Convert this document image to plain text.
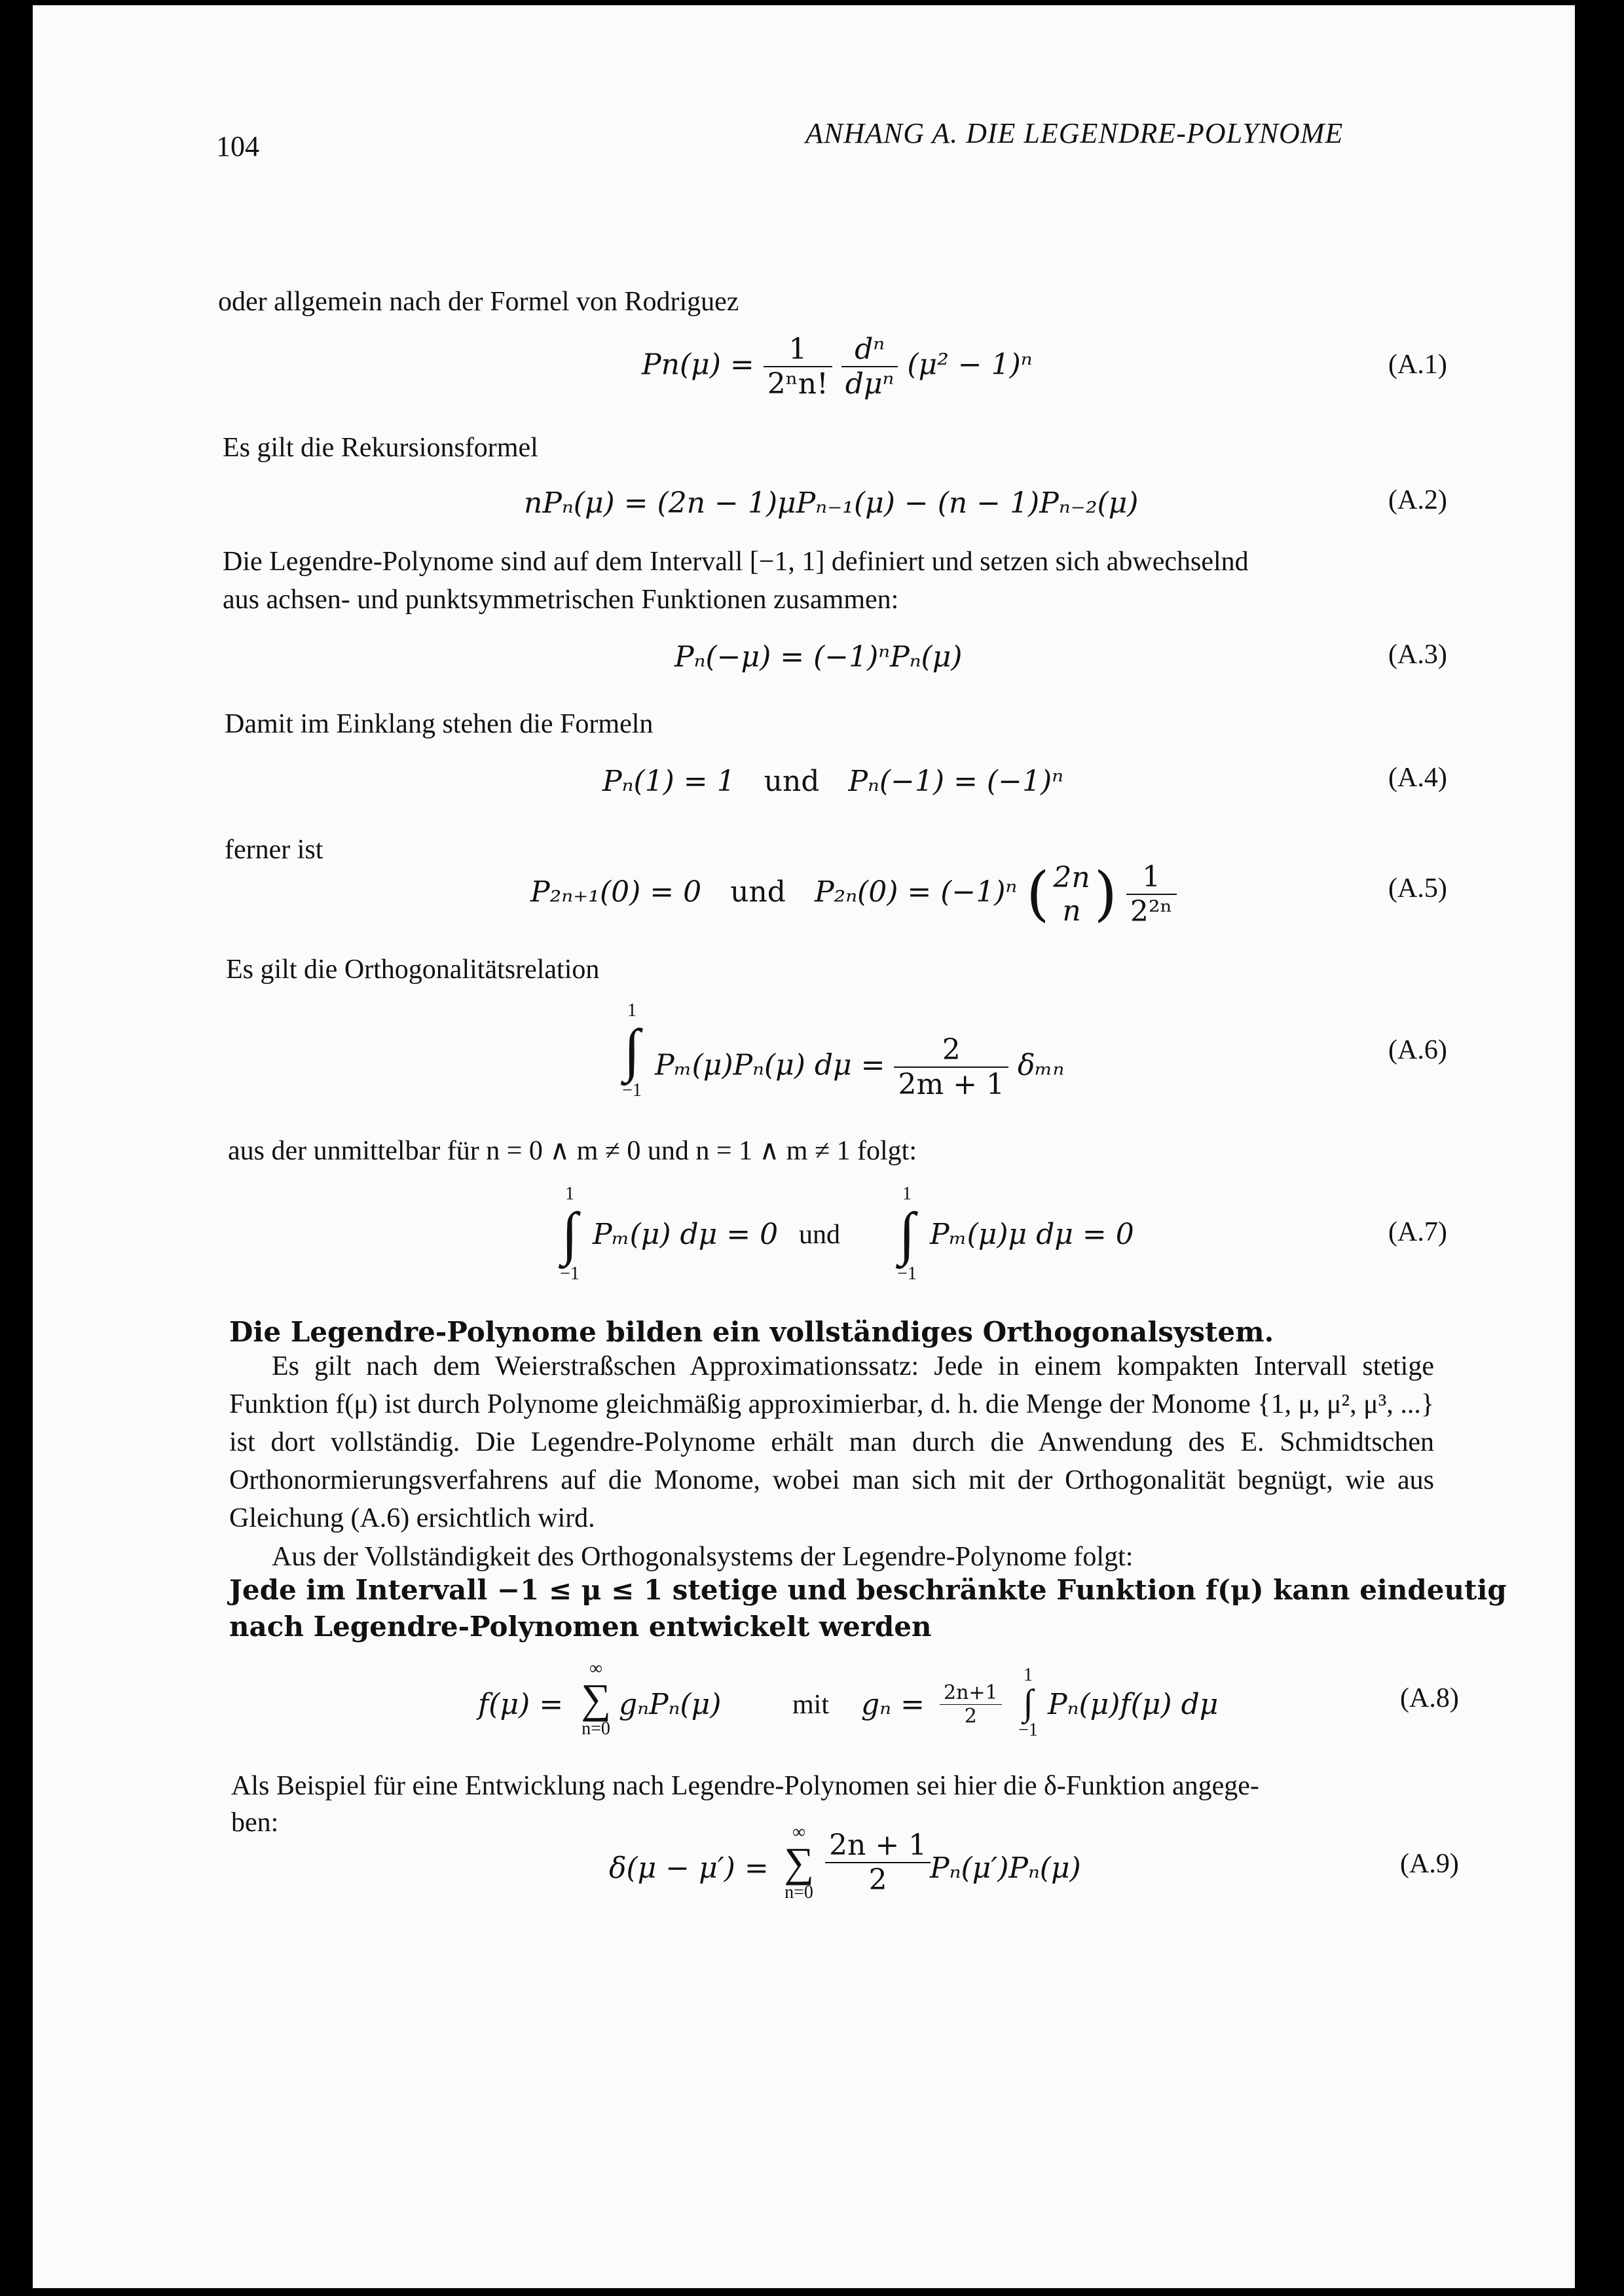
104	ANHANG A. DIE LEGENDRE-POLYNOME
oder allgemein nach der Formel von Rodriguez
$Pn(\mu) = \frac{1}{\text{2ⁿn!}}$
$\frac{\text{dⁿ}}{\text{dμⁿ}} (\mu^2 - 1)^n$	(A.1)
Es gilt die Rekursionsformel
nPₙ(μ) = (2n − 1)μPₙ₋₁(μ) − (n − 1)Pₙ₋₂(μ)	(A.2)
Die Legendre-Polynome sind auf dem Intervall [−1, 1] definiert und setzen sich abwechselnd
aus achsen- und punktsymmetrischen Funktionen zusammen:
Pₙ(−μ) = (−1)ⁿPₙ(μ)	(A.3)
Damit im Einklang stehen die Formeln
Pₙ(1) = 1 und Pₙ(−1) = (−1)ⁿ	(A.4)
ferner ist
P₂ₙ₊₁(0) = 0 und P₂ₙ(0) = (−1)ⁿ ( 2n
n ) $\frac{1}{\text{2²ⁿ}}$	(A.5)
Es gilt die Orthogonalitätsrelation
1
∫
−1
Pₘ(μ)Pₙ(μ) $d\mu = \frac{2}{2m + 1}$ δₘₙ	(A.6)
aus der unmittelbar für n = 0 ∧ m ≠ 0 und n = 1 ∧ m ≠ 1 folgt:
1
∫
−1
1
∫
−1
Pₘ(μ) dμ = 0 und	Pₘ(μ)μ dμ = 0	(A.7)
Die Legendre-Polynome bilden ein vollständiges Orthogonalsystem.
Es gilt nach dem Weierstraßschen Approximationssatz: Jede in einem kompakten Intervall stetige Funktion f(μ) ist durch Polynome gleichmäßig approximierbar, d. h. die Menge der Monome {1, μ, μ², μ³, ...} ist dort vollständig. Die Legendre-Polynome erhält man durch die Anwendung des E. Schmidtschen Orthonormierungsverfahrens auf die Monome, wobei man sich mit der Orthogonalität begnügt, wie aus Gleichung (A.6) ersichtlich wird.
Aus der Vollständigkeit des Orthogonalsystems der Legendre-Polynome folgt:
Jede im Intervall −1 ≤ μ ≤ 1 stetige und beschränkte Funktion f(μ) kann eindeutig
nach Legendre-Polynomen entwickelt werden
f(μ) =
∞
∑
n=0
gₙPₙ(μ)	mit $g_n = \frac{2n+1}{2}$
1
∫
−1
Pₙ(μ)f(μ) dμ	(A.8)
Als Beispiel für eine Entwicklung nach Legendre-Polynomen sei hier die δ-Funktion angege-
ben:
δ(μ − μ′) =
∞
∑
$n=0 \frac{2n + 1}{2}$
Pₙ(μ′)Pₙ(μ)	(A.9)
